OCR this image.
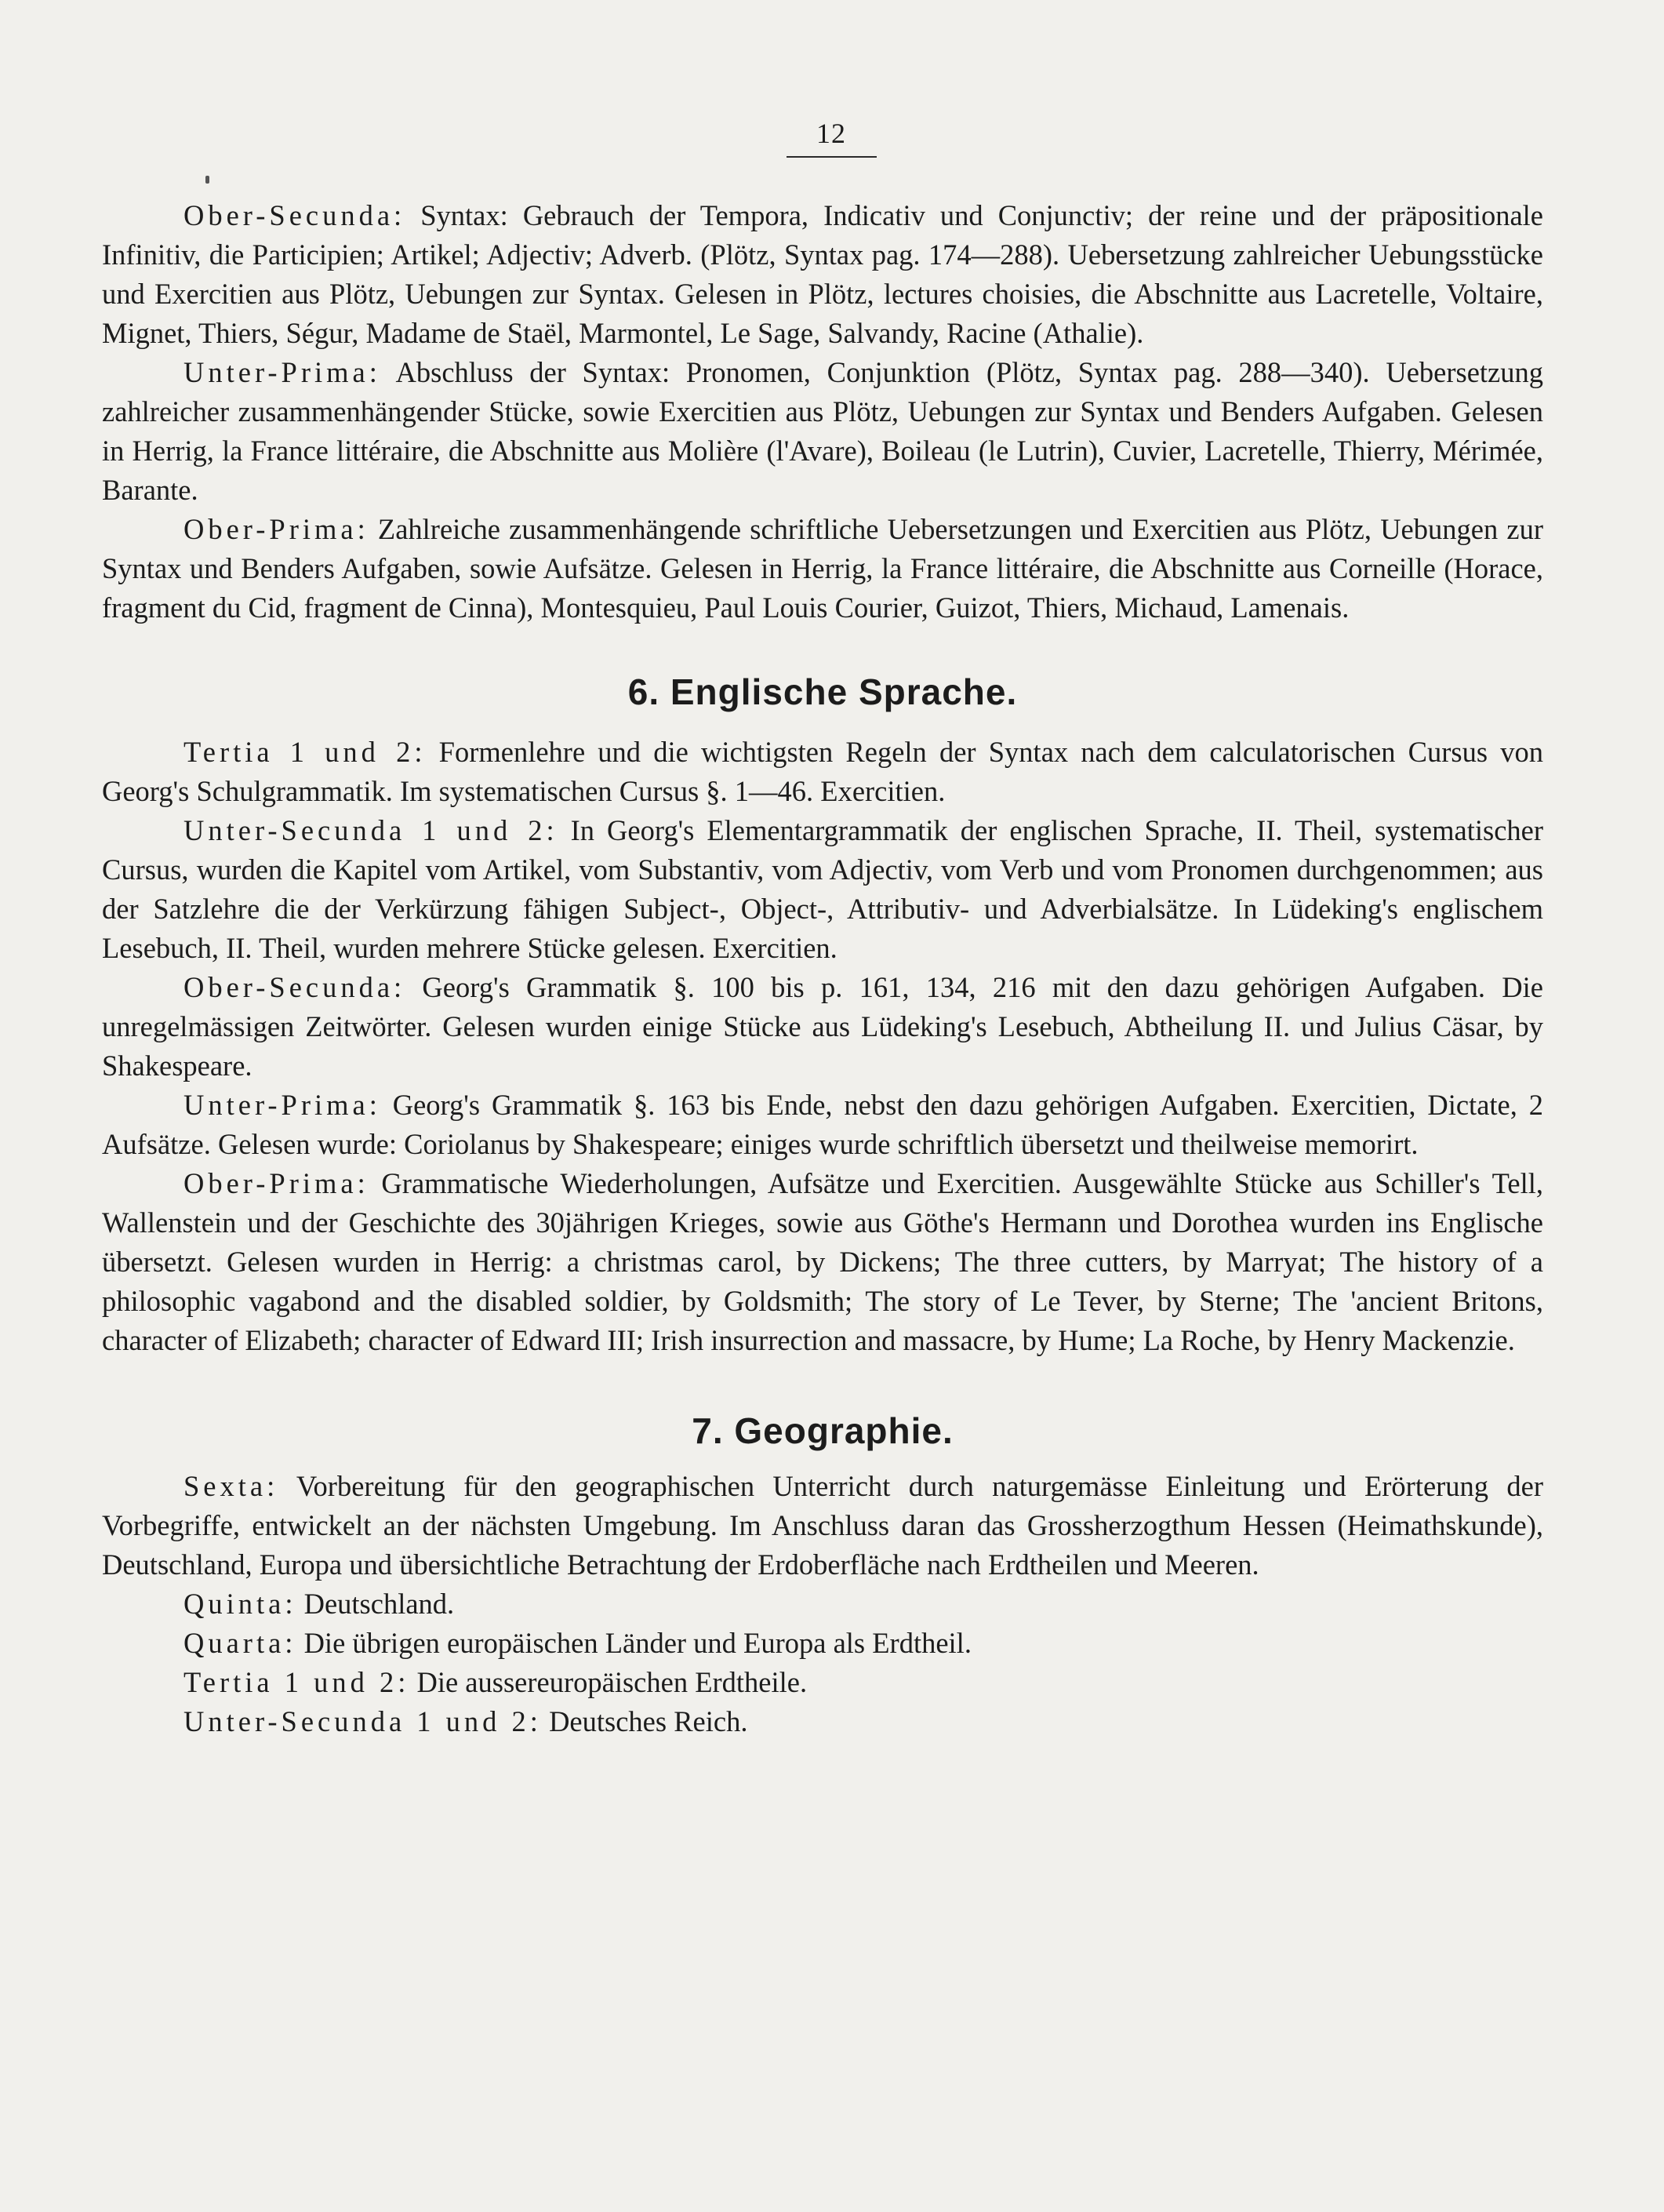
12

Ober-Secunda: Syntax: Gebrauch der Tempora, Indicativ und Conjunctiv; der reine und der präpositionale Infinitiv, die Participien; Artikel; Adjectiv; Adverb. (Plötz, Syntax pag. 174—288). Uebersetzung zahlreicher Uebungsstücke und Exercitien aus Plötz, Uebungen zur Syntax. Gelesen in Plötz, lectures choisies, die Abschnitte aus Lacretelle, Voltaire, Mignet, Thiers, Ségur, Madame de Staël, Marmontel, Le Sage, Salvandy, Racine (Athalie).

Unter-Prima: Abschluss der Syntax: Pronomen, Conjunktion (Plötz, Syntax pag. 288—340). Uebersetzung zahlreicher zusammenhängender Stücke, sowie Exercitien aus Plötz, Uebungen zur Syntax und Benders Aufgaben. Gelesen in Herrig, la France littéraire, die Abschnitte aus Molière (l'Avare), Boileau (le Lutrin), Cuvier, Lacretelle, Thierry, Mérimée, Barante.

Ober-Prima: Zahlreiche zusammenhängende schriftliche Uebersetzungen und Exercitien aus Plötz, Uebungen zur Syntax und Benders Aufgaben, sowie Aufsätze. Gelesen in Herrig, la France littéraire, die Abschnitte aus Corneille (Horace, fragment du Cid, fragment de Cinna), Montesquieu, Paul Louis Courier, Guizot, Thiers, Michaud, Lamenais.

6. Englische Sprache.

Tertia 1 und 2: Formenlehre und die wichtigsten Regeln der Syntax nach dem calculatorischen Cursus von Georg's Schulgrammatik. Im systematischen Cursus §. 1—46. Exercitien.

Unter-Secunda 1 und 2: In Georg's Elementargrammatik der englischen Sprache, II. Theil, systematischer Cursus, wurden die Kapitel vom Artikel, vom Substantiv, vom Adjectiv, vom Verb und vom Pronomen durchgenommen; aus der Satzlehre die der Verkürzung fähigen Subject-, Object-, Attributiv- und Adverbialsätze. In Lüdeking's englischem Lesebuch, II. Theil, wurden mehrere Stücke gelesen. Exercitien.

Ober-Secunda: Georg's Grammatik §. 100 bis p. 161, 134, 216 mit den dazu gehörigen Aufgaben. Die unregelmässigen Zeitwörter. Gelesen wurden einige Stücke aus Lüdeking's Lesebuch, Abtheilung II. und Julius Cäsar, by Shakespeare.

Unter-Prima: Georg's Grammatik §. 163 bis Ende, nebst den dazu gehörigen Aufgaben. Exercitien, Dictate, 2 Aufsätze. Gelesen wurde: Coriolanus by Shakespeare; einiges wurde schriftlich übersetzt und theilweise memorirt.

Ober-Prima: Grammatische Wiederholungen, Aufsätze und Exercitien. Ausgewählte Stücke aus Schiller's Tell, Wallenstein und der Geschichte des 30jährigen Krieges, sowie aus Göthe's Hermann und Dorothea wurden ins Englische übersetzt. Gelesen wurden in Herrig: a christmas carol, by Dickens; The three cutters, by Marryat; The history of a philosophic vagabond and the disabled soldier, by Goldsmith; The story of Le Tever, by Sterne; The 'ancient Britons, character of Elizabeth; character of Edward III; Irish insurrection and massacre, by Hume; La Roche, by Henry Mackenzie.

7. Geographie.

Sexta: Vorbereitung für den geographischen Unterricht durch naturgemässe Einleitung und Erörterung der Vorbegriffe, entwickelt an der nächsten Umgebung. Im Anschluss daran das Grossherzogthum Hessen (Heimathskunde), Deutschland, Europa und übersichtliche Betrachtung der Erdoberfläche nach Erdtheilen und Meeren.

Quinta: Deutschland.

Quarta: Die übrigen europäischen Länder und Europa als Erdtheil.

Tertia 1 und 2: Die aussereuropäischen Erdtheile.

Unter-Secunda 1 und 2: Deutsches Reich.
